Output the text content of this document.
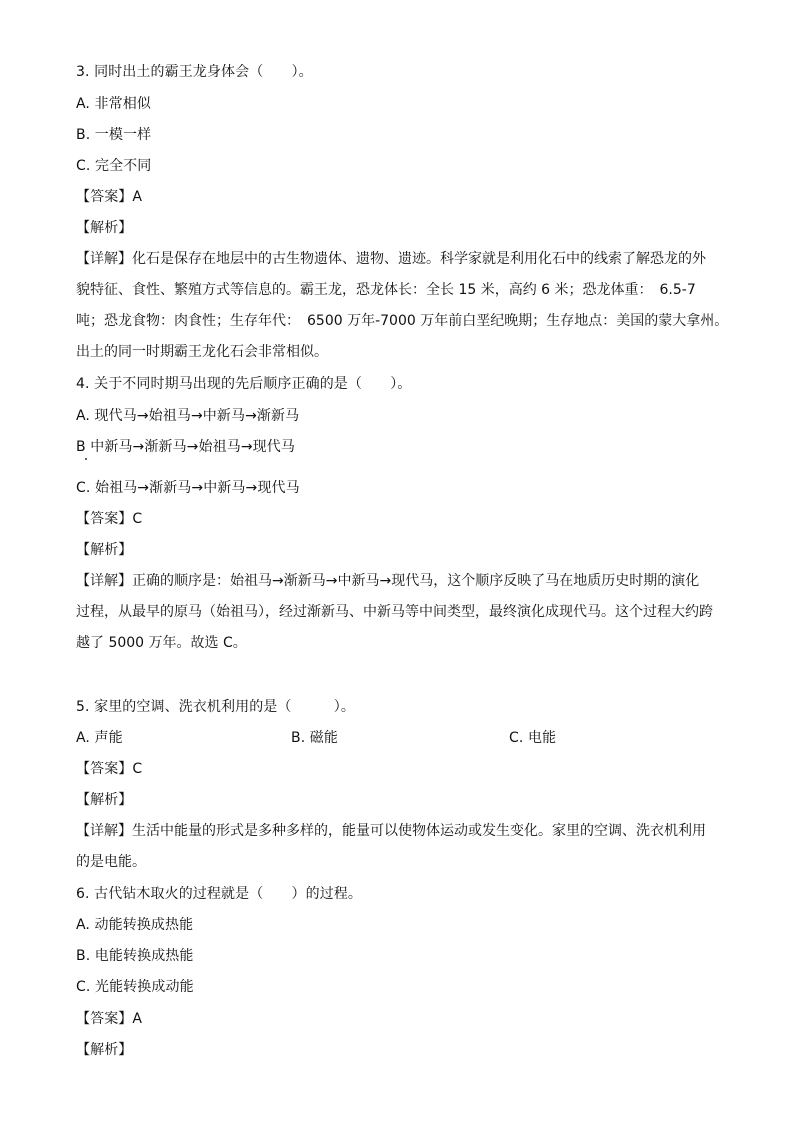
3. 同时出土的霸王龙身体会（　　）。
A. 非常相似
B. 一模一样
C. 完全不同
【答案】A
【解析】
【详解】化石是保存在地层中的古生物遗体、遗物、遗迹。科学家就是利用化石中的线索了解恐龙的外
貌特征、食性、繁殖方式等信息的。霸王龙，恐龙体长：全长 15 米，高约 6 米；恐龙体重：　6.5-7
吨；恐龙食物：肉食性；生存年代：　6500 万年-7000 万年前白垩纪晚期；生存地点：美国的蒙大拿州。
出土的同一时期霸王龙化石会非常相似。
4. 关于不同时期马出现的先后顺序正确的是（　　）。
A. 现代马→始祖马→中新马→渐新马
B 中新马→渐新马→始祖马→现代马
C. 始祖马→渐新马→中新马→现代马
【答案】C
【解析】
【详解】正确的顺序是：始祖马→渐新马→中新马→现代马，这个顺序反映了马在地质历史时期的演化
过程，从最早的原马（始祖马），经过渐新马、中新马等中间类型，最终演化成现代马。这个过程大约跨
越了 5000 万年。故选 C。
5. 家里的空调、洗衣机利用的是（　　　）。
A. 声能	B. 磁能	C. 电能
【答案】C
【解析】
【详解】生活中能量的形式是多种多样的，能量可以使物体运动或发生变化。家里的空调、洗衣机利用
的是电能。
6. 古代钻木取火的过程就是（　　）的过程。
A. 动能转换成热能
B. 电能转换成热能
C. 光能转换成动能
【答案】A
【解析】
